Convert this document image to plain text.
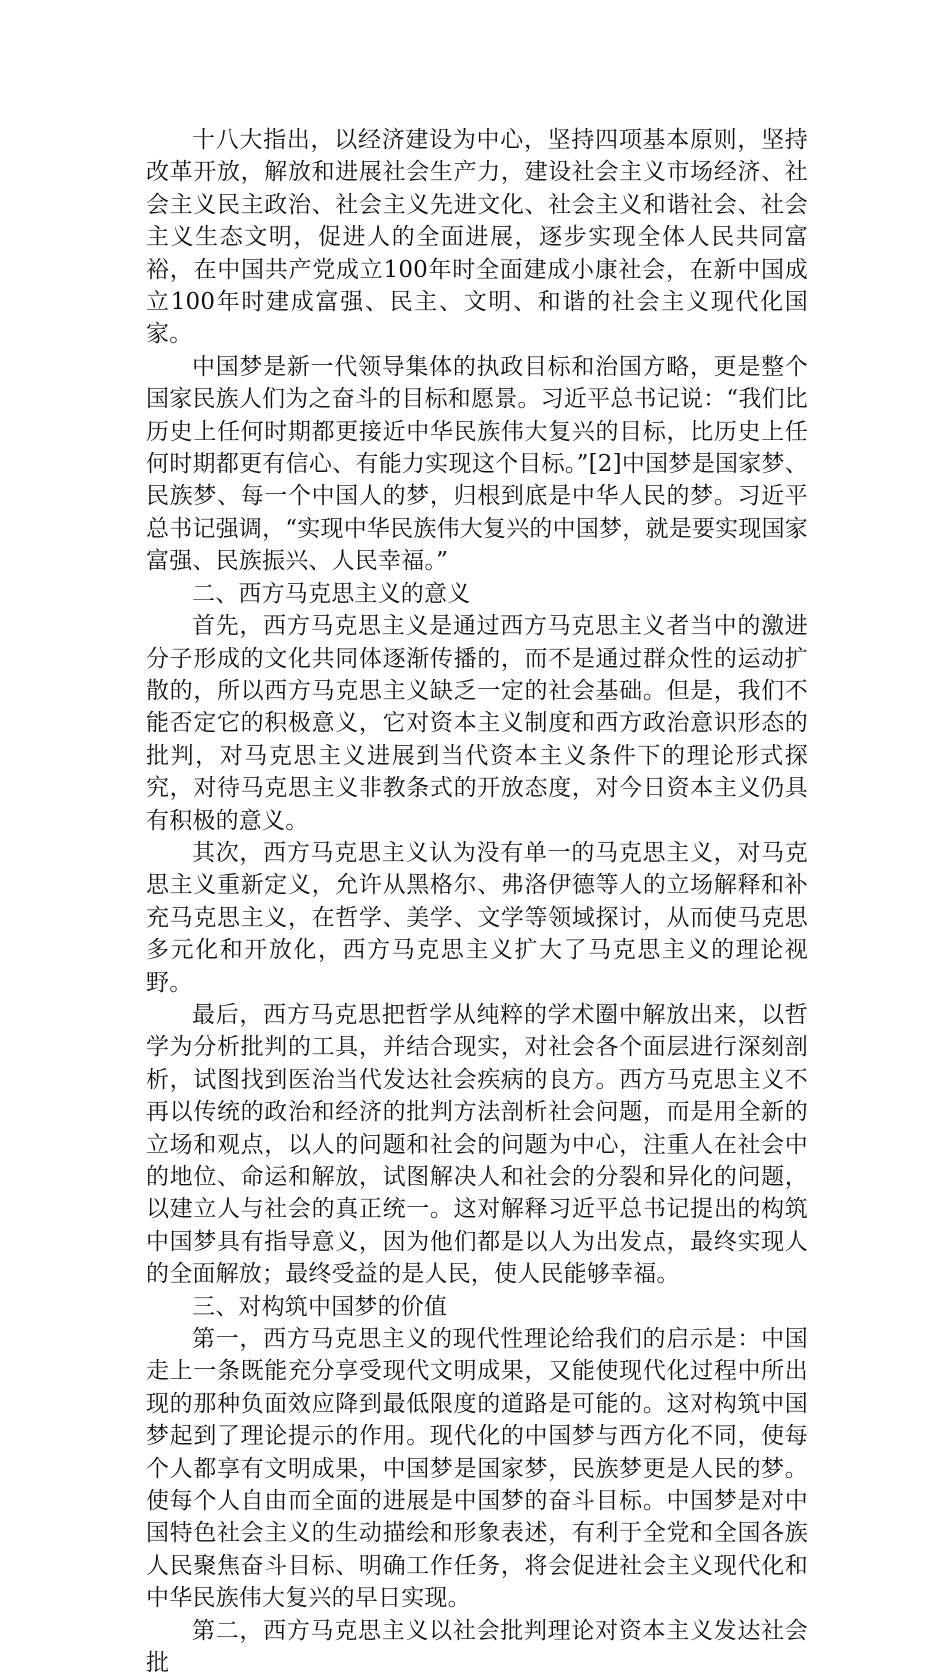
十八大指出，以经济建设为中心，坚持四项基本原则，坚持改革开放，解放和进展社会生产力，建设社会主义市场经济、社会主义民主政治、社会主义先进文化、社会主义和谐社会、社会主义生态文明，促进人的全面进展，逐步实现全体人民共同富裕，在中国共产党成立100年时全面建成小康社会，在新中国成立100年时建成富强、民主、文明、和谐的社会主义现代化国家。

中国梦是新一代领导集体的执政目标和治国方略，更是整个国家民族人们为之奋斗的目标和愿景。习近平总书记说：“我们比历史上任何时期都更接近中华民族伟大复兴的目标，比历史上任何时期都更有信心、有能力实现这个目标。”[2]中国梦是国家梦、民族梦、每一个中国人的梦，归根到底是中华人民的梦。习近平总书记强调，“实现中华民族伟大复兴的中国梦，就是要实现国家富强、民族振兴、人民幸福。”

二、西方马克思主义的意义

首先，西方马克思主义是通过西方马克思主义者当中的激进分子形成的文化共同体逐渐传播的，而不是通过群众性的运动扩散的，所以西方马克思主义缺乏一定的社会基础。但是，我们不能否定它的积极意义，它对资本主义制度和西方政治意识形态的批判，对马克思主义进展到当代资本主义条件下的理论形式探究，对待马克思主义非教条式的开放态度，对今日资本主义仍具有积极的意义。

其次，西方马克思主义认为没有单一的马克思主义，对马克思主义重新定义，允许从黑格尔、弗洛伊德等人的立场解释和补充马克思主义，在哲学、美学、文学等领域探讨，从而使马克思多元化和开放化，西方马克思主义扩大了马克思主义的理论视野。

最后，西方马克思把哲学从纯粹的学术圈中解放出来，以哲学为分析批判的工具，并结合现实，对社会各个面层进行深刻剖析，试图找到医治当代发达社会疾病的良方。西方马克思主义不再以传统的政治和经济的批判方法剖析社会问题，而是用全新的立场和观点，以人的问题和社会的问题为中心，注重人在社会中的地位、命运和解放，试图解决人和社会的分裂和异化的问题，以建立人与社会的真正统一。这对解释习近平总书记提出的构筑中国梦具有指导意义，因为他们都是以人为出发点，最终实现人的全面解放；最终受益的是人民，使人民能够幸福。

三、对构筑中国梦的价值

第一，西方马克思主义的现代性理论给我们的启示是：中国走上一条既能充分享受现代文明成果，又能使现代化过程中所出现的那种负面效应降到最低限度的道路是可能的。这对构筑中国梦起到了理论提示的作用。现代化的中国梦与西方化不同，使每个人都享有文明成果，中国梦是国家梦，民族梦更是人民的梦。使每个人自由而全面的进展是中国梦的奋斗目标。中国梦是对中国特色社会主义的生动描绘和形象表述，有利于全党和全国各族人民聚焦奋斗目标、明确工作任务，将会促进社会主义现代化和中华民族伟大复兴的早日实现。

第二，西方马克思主义以社会批判理论对资本主义发达社会批
